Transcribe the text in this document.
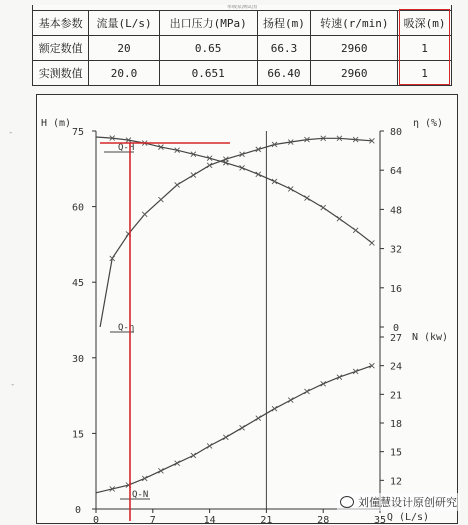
单级泵测试图					
基本参数	流量(L/s)	出口压力(MPa)	扬程(m)	转速(r/min)	吸深(m)
额定数值	20	0.65	66.3	2960	1
实测数值	20.0	0.651	66.40	2960	1
0	7	14	21	28	35 Q (L/s)
0
15
30
45
60
75
H (m)
0
16
32
48
64
80
η (%)
12
15
18
21
24
27 N (kw)
Q-H
Q-η
Q-N
-
-
刘僮慧设计原创研究
